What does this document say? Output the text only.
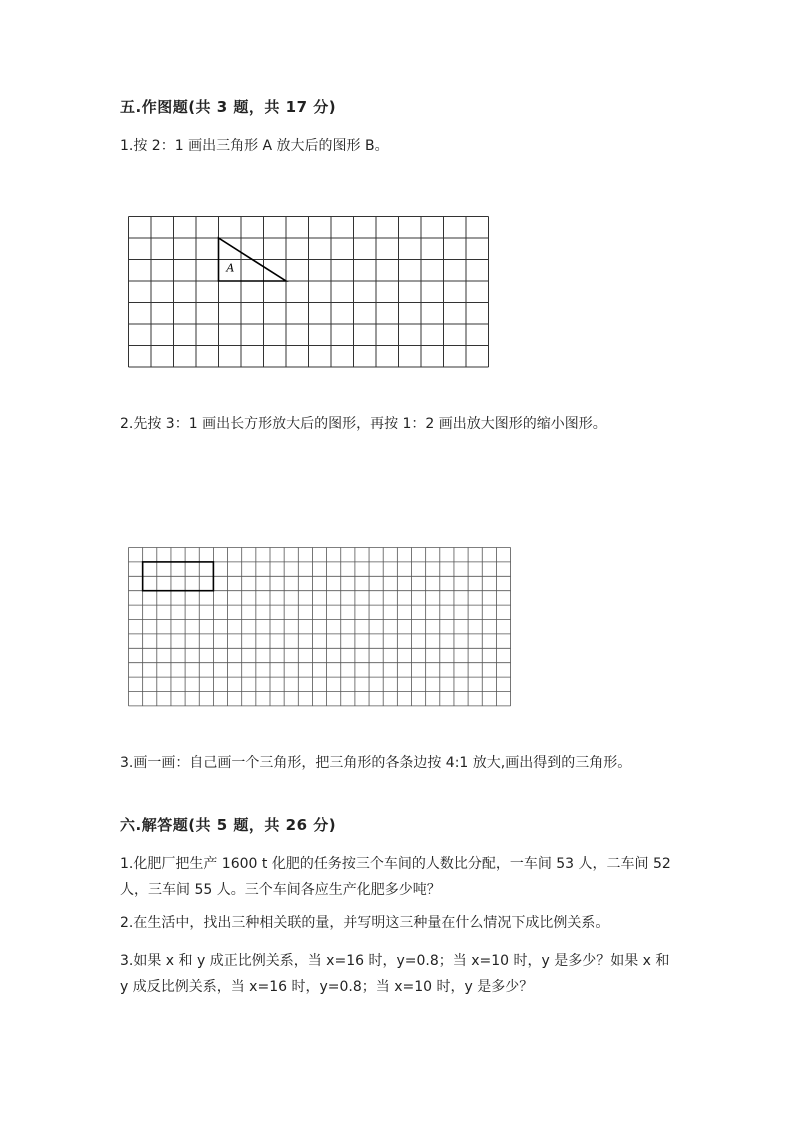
五.作图题(共 3 题，共 17 分)
1.按 2：1 画出三角形 A 放大后的图形 B。
A
2.先按 3：1 画出长方形放大后的图形，再按 1：2 画出放大图形的缩小图形。
3.画一画：自己画一个三角形，把三角形的各条边按 4:1 放大,画出得到的三角形。
六.解答题(共 5 题，共 26 分)
1.化肥厂把生产 1600 t 化肥的任务按三个车间的人数比分配，一车间 53 人，二车间 52 人，三车间 55 人。三个车间各应生产化肥多少吨？
2.在生活中，找出三种相关联的量，并写明这三种量在什么情况下成比例关系。
3.如果 x 和 y 成正比例关系，当 x=16 时，y=0.8；当 x=10 时，y 是多少？如果 x 和 y 成反比例关系，当 x=16 时，y=0.8；当 x=10 时，y 是多少？
